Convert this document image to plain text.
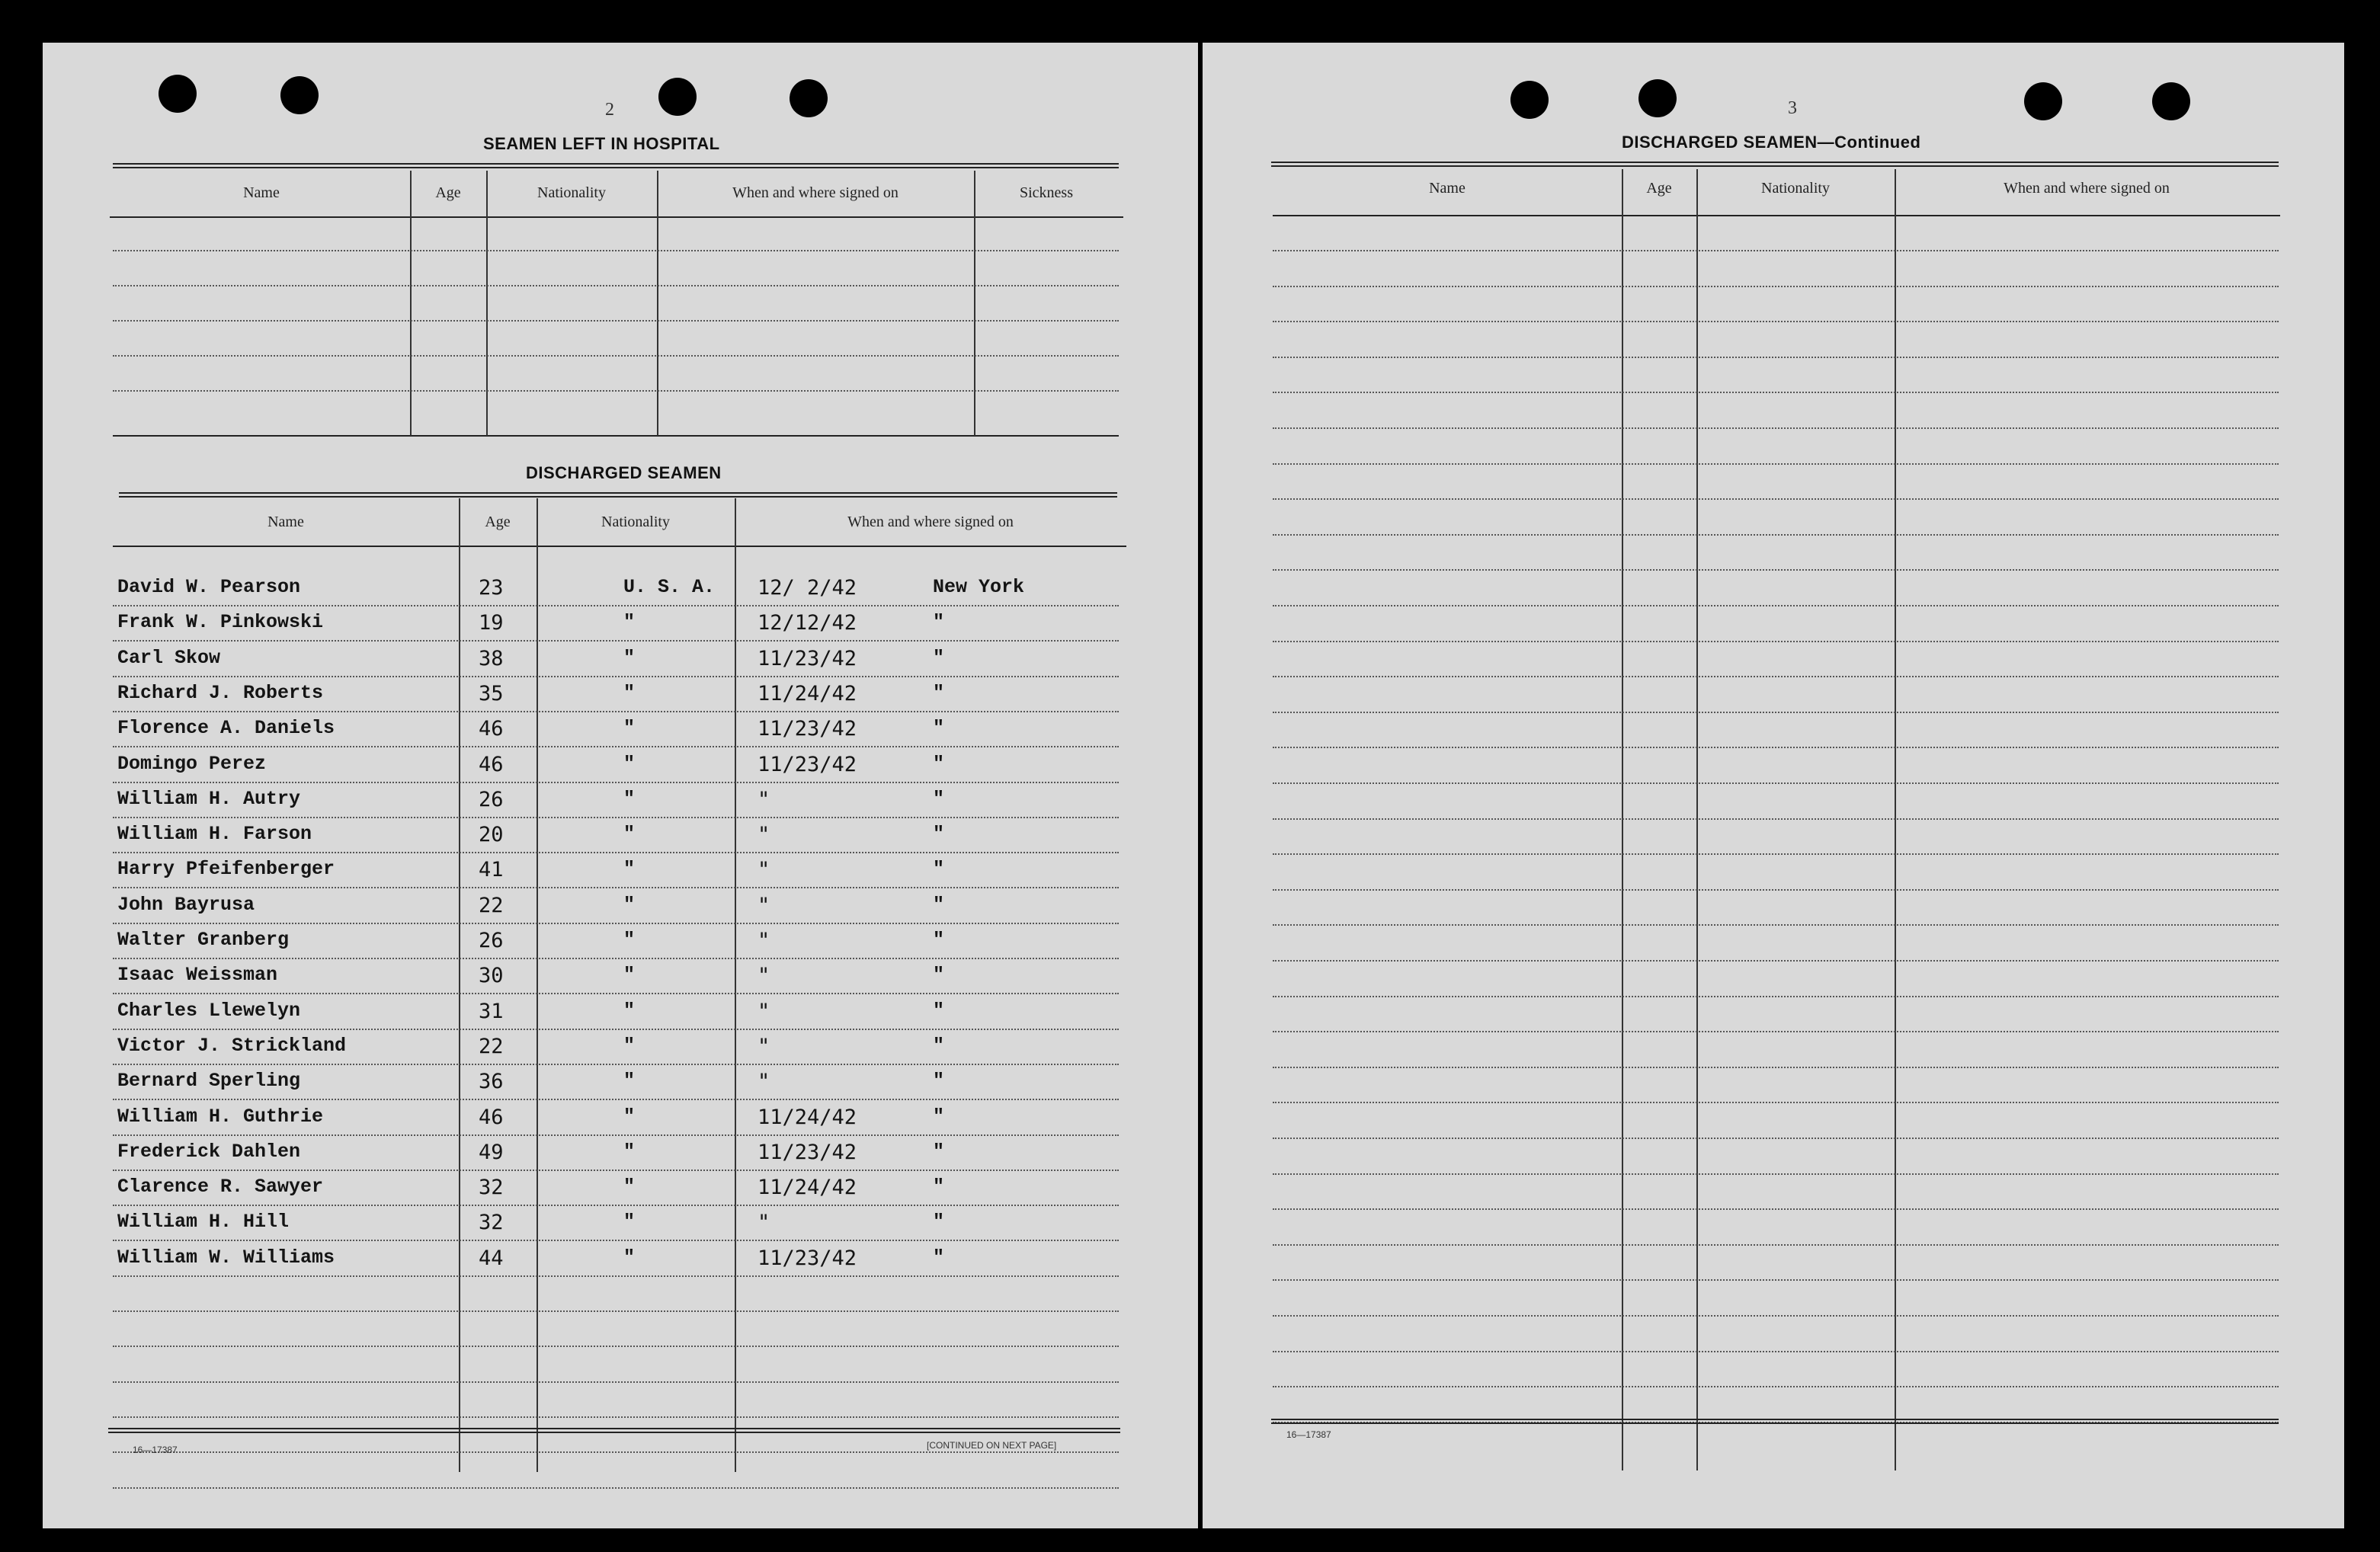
2
SEAMEN LEFT IN HOSPITAL
Name	Age	Nationality	When and where signed on	Sickness
DISCHARGED SEAMEN
Name	Age	Nationality	When and where signed on
David W. Pearson	23	U. S. A. 12/ 2/42	New York
Frank W. Pinkowski	19	"	12/12/42	"
Carl Skow	38	"	11/23/42	"
Richard J. Roberts	35	"	11/24/42	"
Florence A. Daniels	46	"	11/23/42	"
Domingo Perez	46	"	11/23/42	"
William H. Autry	26	"	"	"
William H. Farson	20	"	"	"
Harry Pfeifenberger	41	"	"	"
John Bayrusa	22	"	"	"
Walter Granberg	26	"	"	"
Isaac Weissman	30	"	"	"
Charles Llewelyn	31	"	"	"
Victor J. Strickland	22	"	"	"
Bernard Sperling	36	"	"	"
William H. Guthrie	46	"	11/24/42	"
Frederick Dahlen	49	"	11/23/42	"
Clarence R. Sawyer	32	"	11/24/42	"
William H. Hill	32	"	"	"
William W. Williams	44	"	11/23/42	"
16—17387	[CONTINUED ON NEXT PAGE]
3
DISCHARGED SEAMEN—Continued
Name	Age	Nationality	When and where signed on
16—17387
